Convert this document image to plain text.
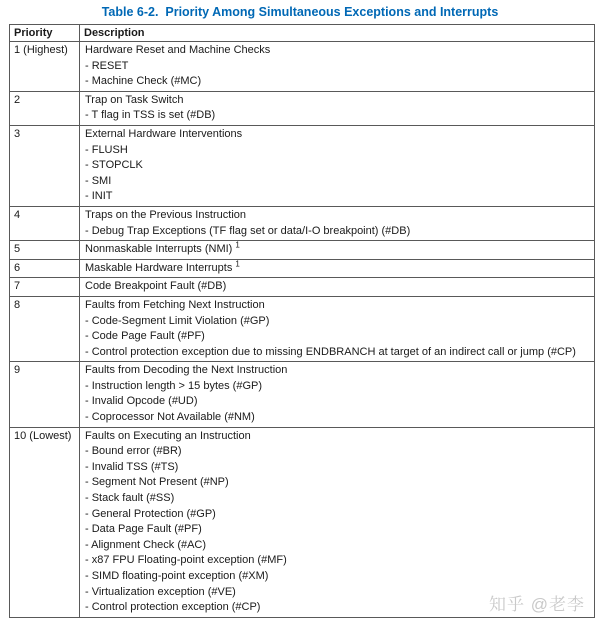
Table 6-2.  Priority Among Simultaneous Exceptions and Interrupts
Priority	Description
1 (Highest)	Hardware Reset and Machine Checks
- RESET
- Machine Check (#MC)

2	Trap on Task Switch
- T flag in TSS is set (#DB)

3	External Hardware Interventions
- FLUSH
- STOPCLK
- SMI
- INIT

4	Traps on the Previous Instruction
- Debug Trap Exceptions (TF flag set or data/I-O breakpoint) (#DB)

5	Nonmaskable Interrupts (NMI) $^1$

6	Maskable Hardware Interrupts $^1$

7	Code Breakpoint Fault (#DB)

8	Faults from Fetching Next Instruction
- Code-Segment Limit Violation (#GP)
- Code Page Fault (#PF)
- Control protection exception due to missing ENDBRANCH at target of an indirect call or jump (#CP)

9	Faults from Decoding the Next Instruction
- Instruction length > 15 bytes (#GP)
- Invalid Opcode (#UD)
- Coprocessor Not Available (#NM)

10 (Lowest)	Faults on Executing an Instruction
- Bound error (#BR)
- Invalid TSS (#TS)
- Segment Not Present (#NP)
- Stack fault (#SS)
- General Protection (#GP)
- Data Page Fault (#PF)
- Alignment Check (#AC)
- x87 FPU Floating-point exception (#MF)
- SIMD floating-point exception (#XM)
- Virtualization exception (#VE)
- Control protection exception (#CP)	知乎 @老李
